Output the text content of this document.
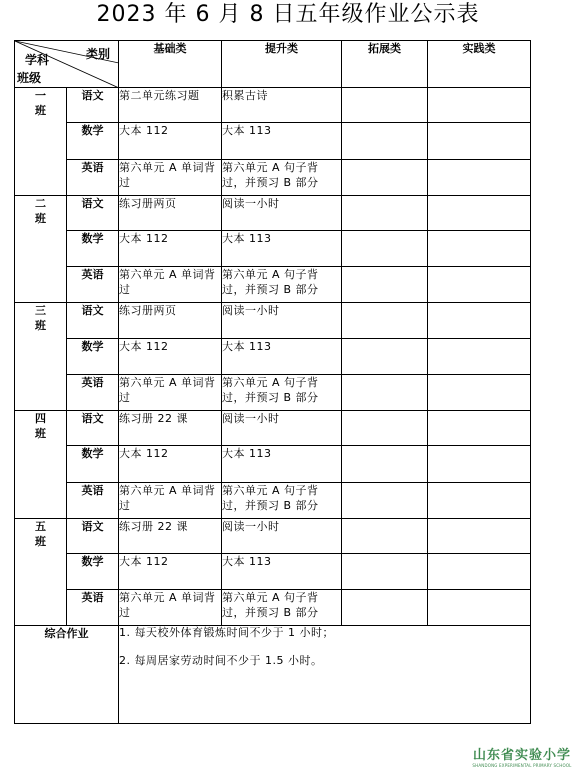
2023 年 6 月 8 日五年级作业公示表
类别
学科
班级		基础类	提升类	拓展类	实践类
一
班	语文	第二单元练习题	积累古诗		
	数学	大本 112	大本 113		
	英语	第六单元 A 单词背过	第六单元 A 句子背过，并预习 B 部分		
二
班	语文	练习册两页	阅读一小时		
	数学	大本 112	大本 113		
	英语	第六单元 A 单词背过	第六单元 A 句子背过，并预习 B 部分		
三
班	语文	练习册两页	阅读一小时		
	数学	大本 112	大本 113		
	英语	第六单元 A 单词背过	第六单元 A 句子背过，并预习 B 部分		
四
班	语文	练习册 22 课	阅读一小时		
	数学	大本 112	大本 113		
	英语	第六单元 A 单词背过	第六单元 A 句子背过，并预习 B 部分		
五
班	语文	练习册 22 课	阅读一小时		
	数学	大本 112	大本 113		
	英语	第六单元 A 单词背过	第六单元 A 句子背过，并预习 B 部分		
综合作业		1. 每天校外体育锻炼时间不少于 1 小时；
2. 每周居家劳动时间不少于 1.5 小时。			
山东省实验小学
SHANDONG EXPERIMENTAL PRIMARY SCHOOL
